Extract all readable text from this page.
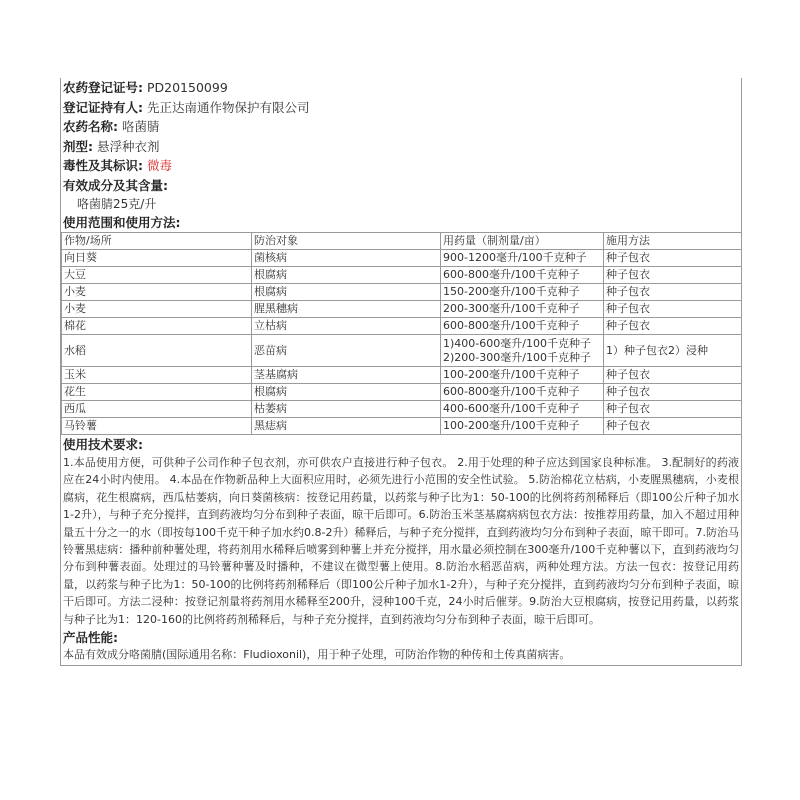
农药登记证号: PD20150099
登记证持有人: 先正达南通作物保护有限公司
农药名称: 咯菌腈
剂型: 悬浮种衣剂
毒性及其标识: 微毒
有效成分及其含量:
咯菌腈25克/升
使用范围和使用方法:
作物/场所	防治对象	用药量（制剂量/亩）	施用方法
向日葵	菌核病	900-1200毫升/100千克种子	种子包衣
大豆	根腐病	600-800毫升/100千克种子	种子包衣
小麦	根腐病	150-200毫升/100千克种子	种子包衣
小麦	腥黑穗病	200-300毫升/100千克种子	种子包衣
棉花	立枯病	600-800毫升/100千克种子	种子包衣
水稻	恶苗病	1)400-600毫升/100千克种子
2)200-300毫升/100千克种子	1）种子包衣2）浸种
玉米	茎基腐病	100-200毫升/100千克种子	种子包衣
花生	根腐病	600-800毫升/100千克种子	种子包衣
西瓜	枯萎病	400-600毫升/100千克种子	种子包衣
马铃薯	黑痣病	100-200毫升/100千克种子	种子包衣
使用技术要求:
1.本品使用方便，可供种子公司作种子包衣剂，亦可供农户直接进行种子包衣。 2.用于处理的种子应达到国家良种标准。 3.配制好的药液应在24小时内使用。 4.本品在作物新品种上大面积应用时，必须先进行小范围的安全性试验。 5.防治棉花立枯病，小麦腥黑穗病，小麦根腐病，花生根腐病，西瓜枯萎病，向日葵菌核病：按登记用药量，以药浆与种子比为1：50-100的比例将药剂稀释后（即100公斤种子加水1-2升），与种子充分搅拌，直到药液均匀分布到种子表面，晾干后即可。6.防治玉米茎基腐病病包衣方法：按推荐用药量，加入不超过用种量五十分之一的水（即按每100千克干种子加水约0.8-2升）稀释后，与种子充分搅拌，直到药液均匀分布到种子表面，晾干即可。7.防治马铃薯黑痣病：播种前种薯处理，将药剂用水稀释后喷雾到种薯上并充分搅拌，用水量必须控制在300毫升/100千克种薯以下，直到药液均匀分布到种薯表面。处理过的马铃薯种薯及时播种，不建议在微型薯上使用。8.防治水稻恶苗病，两种处理方法。方法一包衣：按登记用药量，以药浆与种子比为1：50-100的比例将药剂稀释后（即100公斤种子加水1-2升），与种子充分搅拌，直到药液均匀分布到种子表面，晾干后即可。方法二浸种：按登记剂量将药剂用水稀释至200升，浸种100千克，24小时后催芽。9.防治大豆根腐病，按登记用药量，以药浆与种子比为1：120-160的比例将药剂稀释后，与种子充分搅拌，直到药液均匀分布到种子表面，晾干后即可。
产品性能:
本品有效成分咯菌腈(国际通用名称：Fludioxonil)，用于种子处理，可防治作物的种传和土传真菌病害。
